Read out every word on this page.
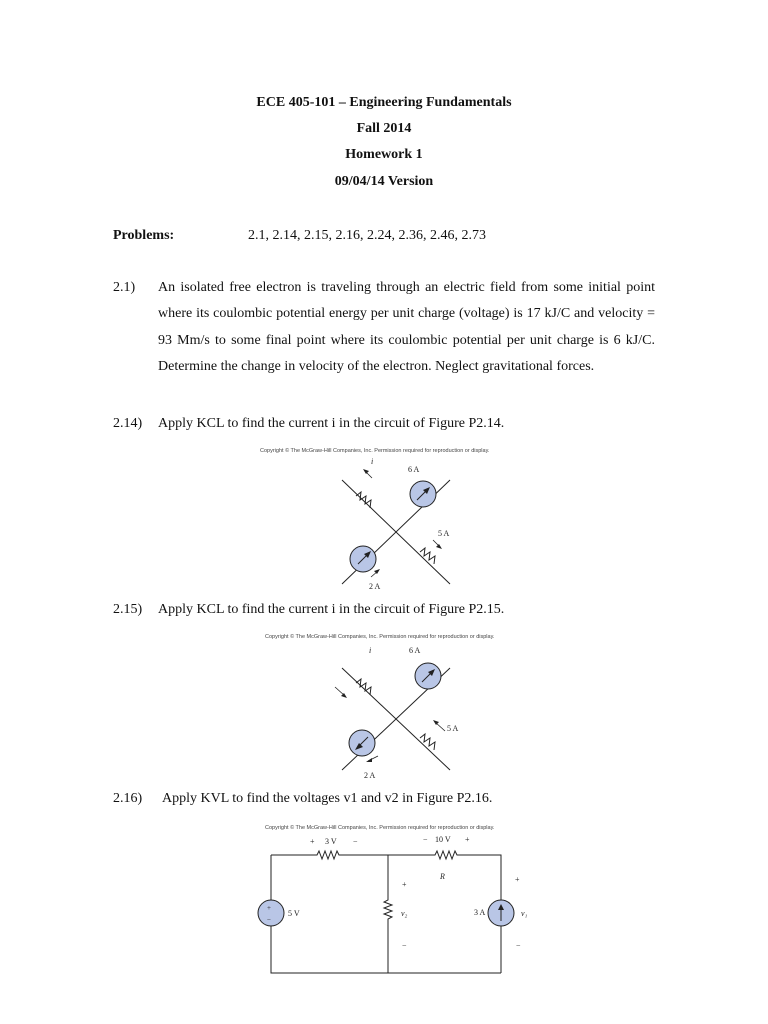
ECE 405-101 – Engineering Fundamentals
Fall 2014
Homework 1
09/04/14 Version
Problems:	2.1, 2.14, 2.15, 2.16, 2.24, 2.36, 2.46, 2.73
2.1) An isolated free electron is traveling through an electric field from some initial point where its coulombic potential energy per unit charge (voltage) is 17 kJ/C and velocity = 93 Mm/s to some final point where its coulombic potential per unit charge is 6 kJ/C. Determine the change in velocity of the electron. Neglect gravitational forces.
2.14) Apply KCL to find the current i in the circuit of Figure P2.14.
Copyright © The McGraw-Hill Companies, Inc. Permission required for reproduction or display.
i
6 A
5 A
2 A
2.15) Apply KCL to find the current i in the circuit of Figure P2.15.
Copyright © The McGraw-Hill Companies, Inc. Permission required for reproduction or display.
i	6 A
5 A
2 A
2.16) Apply KVL to find the voltages v1 and v2 in Figure P2.16.
Copyright © The McGraw-Hill Companies, Inc. Permission required for reproduction or display.
+
−
+ 3 V −	− 10 V +
R
5 V
+
v₂
−
3 A
+
v₁
−
